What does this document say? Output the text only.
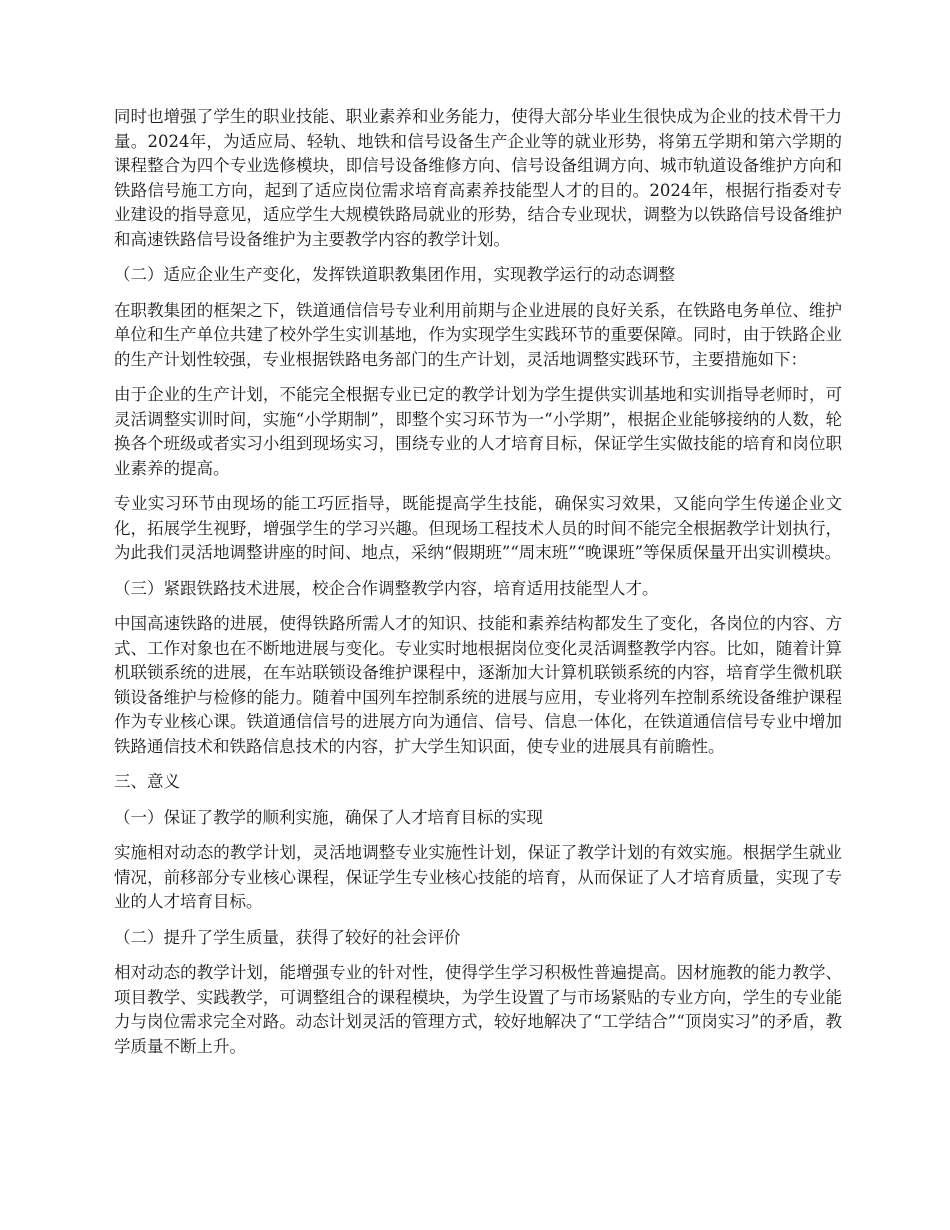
同时也增强了学生的职业技能、职业素养和业务能力，使得大部分毕业生很快成为企业的技术骨干力量。2024年，为适应局、轻轨、地铁和信号设备生产企业等的就业形势，将第五学期和第六学期的课程整合为四个专业选修模块，即信号设备维修方向、信号设备组调方向、城市轨道设备维护方向和铁路信号施工方向，起到了适应岗位需求培育高素养技能型人才的目的。2024年，根据行指委对专业建设的指导意见，适应学生大规模铁路局就业的形势，结合专业现状，调整为以铁路信号设备维护和高速铁路信号设备维护为主要教学内容的教学计划。

（二）适应企业生产变化，发挥铁道职教集团作用，实现教学运行的动态调整

在职教集团的框架之下，铁道通信信号专业利用前期与企业进展的良好关系，在铁路电务单位、维护单位和生产单位共建了校外学生实训基地，作为实现学生实践环节的重要保障。同时，由于铁路企业的生产计划性较强，专业根据铁路电务部门的生产计划，灵活地调整实践环节，主要措施如下：

由于企业的生产计划，不能完全根据专业已定的教学计划为学生提供实训基地和实训指导老师时，可灵活调整实训时间，实施“小学期制”，即整个实习环节为一“小学期”，根据企业能够接纳的人数，轮换各个班级或者实习小组到现场实习，围绕专业的人才培育目标，保证学生实做技能的培育和岗位职业素养的提高。

专业实习环节由现场的能工巧匠指导，既能提高学生技能，确保实习效果，又能向学生传递企业文化，拓展学生视野，增强学生的学习兴趣。但现场工程技术人员的时间不能完全根据教学计划执行，为此我们灵活地调整讲座的时间、地点，采纳“假期班”“周末班”“晚课班”等保质保量开出实训模块。

（三）紧跟铁路技术进展，校企合作调整教学内容，培育适用技能型人才。

中国高速铁路的进展，使得铁路所需人才的知识、技能和素养结构都发生了变化，各岗位的内容、方式、工作对象也在不断地进展与变化。专业实时地根据岗位变化灵活调整教学内容。比如，随着计算机联锁系统的进展，在车站联锁设备维护课程中，逐渐加大计算机联锁系统的内容，培育学生微机联锁设备维护与检修的能力。随着中国列车控制系统的进展与应用，专业将列车控制系统设备维护课程作为专业核心课。铁道通信信号的进展方向为通信、信号、信息一体化，在铁道通信信号专业中增加铁路通信技术和铁路信息技术的内容，扩大学生知识面，使专业的进展具有前瞻性。

三、意义

（一）保证了教学的顺利实施，确保了人才培育目标的实现

实施相对动态的教学计划，灵活地调整专业实施性计划，保证了教学计划的有效实施。根据学生就业情况，前移部分专业核心课程，保证学生专业核心技能的培育，从而保证了人才培育质量，实现了专业的人才培育目标。

（二）提升了学生质量，获得了较好的社会评价

相对动态的教学计划，能增强专业的针对性，使得学生学习积极性普遍提高。因材施教的能力教学、项目教学、实践教学，可调整组合的课程模块，为学生设置了与市场紧贴的专业方向，学生的专业能力与岗位需求完全对路。动态计划灵活的管理方式，较好地解决了“工学结合”“顶岗实习”的矛盾，教学质量不断上升。
